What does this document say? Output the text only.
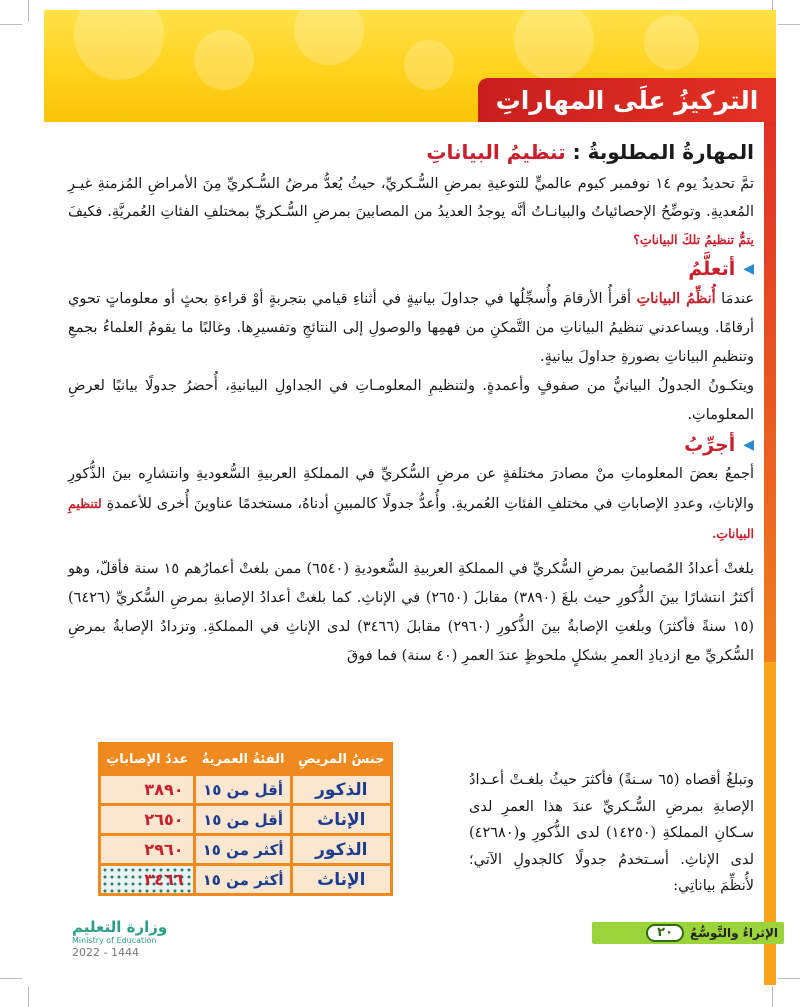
التركيزُ علَى المهاراتِ
المهارةُ المطلوبةُ : تنظيمُ البياناتِ

تمَّ تحديدُ يوم ١٤ نوفمبر كيوم عالميٍّ للتوعيةِ بمرضِ السُّـكريِّ، حيثُ يُعدُّ مرضُ السُّـكريِّ مِنَ الأمراضِ المُزمنةِ غيـرِ المُعديةِ. وتوضِّحُ الإحصائياتُ والبيانـاتُ أنَّه يوجدُ العديدُ من المصابينَ بمرضِ السُّـكريِّ بمختلفِ الفئاتِ العُمريَّةِ. فكيفَ يتمُّ تنظيمُ تلكَ البياناتِ؟

◀
أتعلَّمُ

عندمَا أُنظِّمُ البياناتِ أقرأُ الأرقامَ وأُسجِّلُها في جداولَ بيانيةٍ في أثناءِ قيامي بتجربةٍ أوْ قراءةِ بحثٍ أو معلوماتٍ تحوي أرقامًا. ويساعدني تنظيمُ البياناتِ من التَّمكنِ من فهمِها والوصولِ إلى النتائجِ وتفسيرِها. وغالبًا ما يقومُ العلماءُ بجمعِ وتنظيمِ البياناتِ بصورةِ جداولَ بيانيةٍ.

ويتكـونُ الجدولُ البيانيُّ من صفوفٍ وأعمدةٍ. ولتنظيمِ المعلومـاتِ في الجداولِ البيانيةِ، أُحضرُ جدولًا بيانيًا لعرضِ المعلوماتِ.

◀
أجرِّبُ

أجمعُ بعضَ المعلوماتِ منْ مصادرَ مختلفةٍ عن مرضِ السُّكريِّ في المملكةِ العربيةِ السُّعوديةِ وانتشارِه بينَ الذُّكورِ والإناثِ، وعددِ الإصاباتِ في مختلفِ الفئاتِ العُمريةِ. وأُعدُّ جدولًا كالمبينِ أدناهُ، مستخدمًا عناوينَ أُخرى للأعمدةِ لتنظيمِ البياناتِ.

بلغتْ أعدادُ المُصابينَ بمرضِ السُّكريِّ في المملكةِ العربيةِ السُّعوديةِ (٦٥٤٠) ممن بلغتْ أعمارُهم ١٥ سنة فأقلّ، وهو أكثرُ انتشارًا بينَ الذُّكورِ حيث بلغَ (٣٨٩٠) مقابلَ (٢٦٥٠) في الإناثِ. كما بلغتْ أعدادُ الإصابةِ بمرضِ السُّكريِّ (٦٤٢٦) (١٥ سنةً فأكثرَ) وبلغتِ الإصابةُ بينَ الذُّكورِ (٢٩٦٠) مقابلَ (٣٤٦٦) لدى الإناثِ في المملكةِ. وتزدادُ الإصابةُ بمرضِ السُّكريِّ مع ازديادِ العمرِ بشكلٍ ملحوظٍ عندَ العمرِ (٤٠ سنة) فما فوقَ

وتبلغُ أقصاه (٦٥ سـنةً) فأكثرَ حيثُ بلغـتْ أعـدادُ الإصابةِ بمرضِ السُّـكريِّ عندَ هذا العمرِ لدى سـكانِ المملكةِ (١٤٢٥٠) لدى الذُّكورِ و(٤٢٦٨٠) لدى الإناثِ. أسـتخدمُ جدولًا كالجدولِ الآتي؛ لأُنظِّمَ بياناتِي:

جنسُ المريضِ	الفئةُ العمريةُ	عددُ الإصاباتِ
الذكور	أقل من ١٥	٣٨٩٠
الإناث	أقل من ١٥	٢٦٥٠
الذكور	أكثر من ١٥	٢٩٦٠
الإناث	أكثر من ١٥	٣٤٦٦
الإثراءُ والتَّوسُّعُ
٢٠
وزارة التعليم
Ministry of Education
2022 - 1444
